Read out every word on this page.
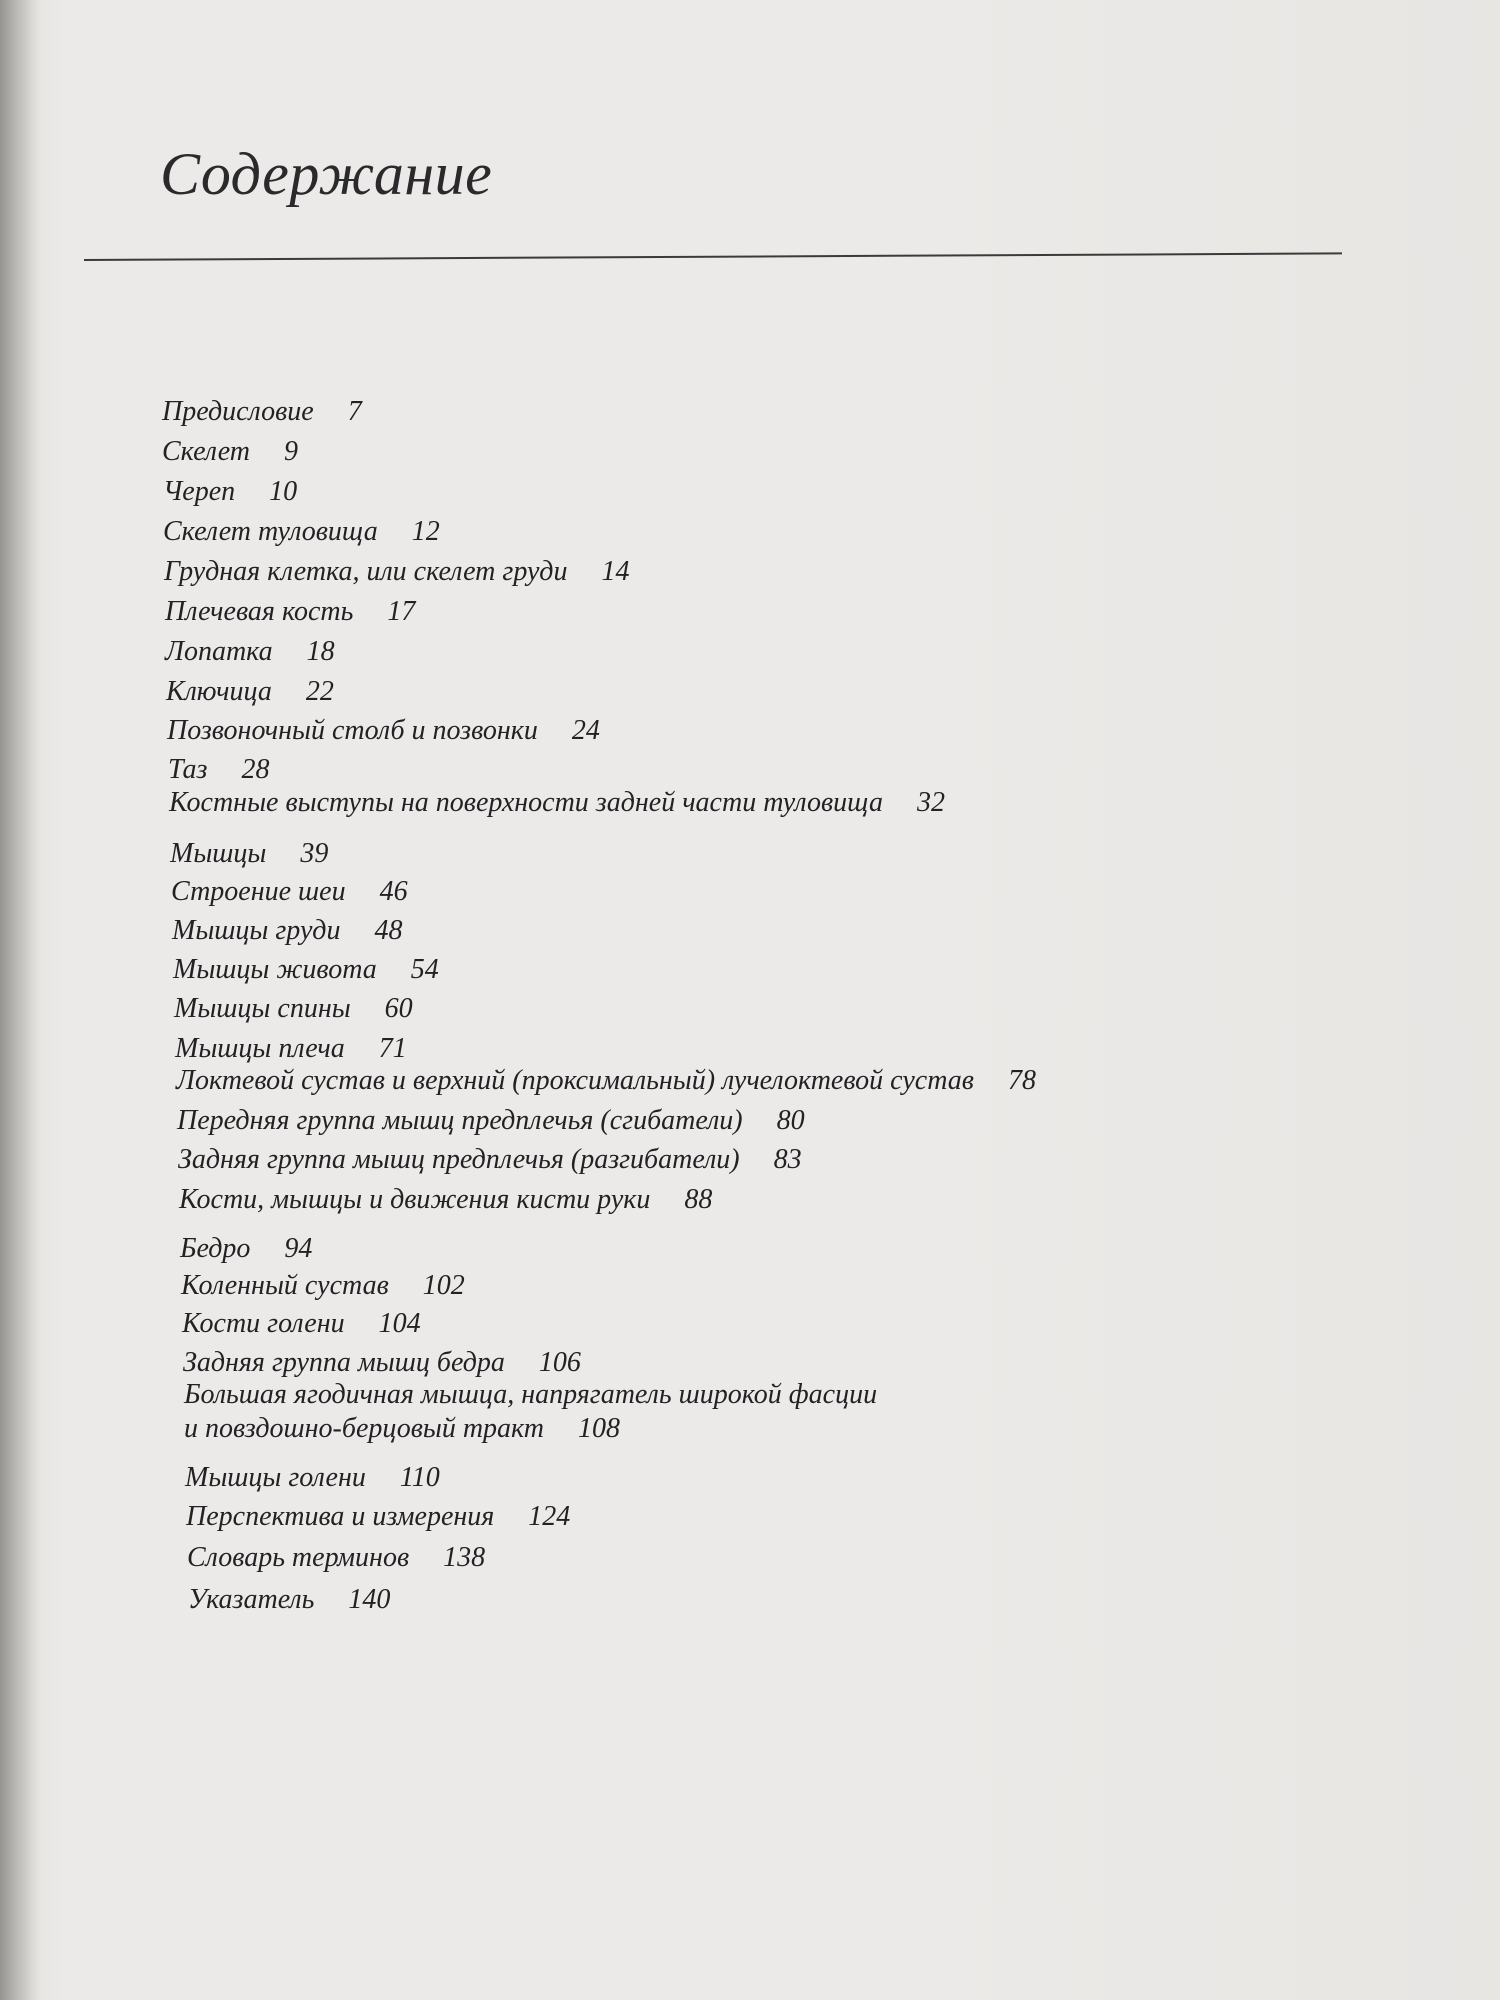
Содержание
Предисловие 7
Скелет 9
Череп 10
Скелет туловища 12
Грудная клетка, или скелет груди 14
Плечевая кость 17
Лопатка 18
Ключица 22
Позвоночный столб и позвонки 24
Таз 28
Костные выступы на поверхности задней части туловища 32
Мышцы 39
Строение шеи 46
Мышцы груди 48
Мышцы живота 54
Мышцы спины 60
Мышцы плеча 71
Локтевой сустав и верхний (проксимальный) лучелоктевой сустав 78
Передняя группа мышц предплечья (сгибатели) 80
Задняя группа мышц предплечья (разгибатели) 83
Кости, мышцы и движения кисти руки 88
Бедро 94
Коленный сустав 102
Кости голени 104
Задняя группа мышц бедра 106
Большая ягодичная мышца, напрягатель широкой фасции
и повздошно-берцовый тракт 108
Мышцы голени 110
Перспектива и измерения 124
Словарь терминов 138
Указатель 140
